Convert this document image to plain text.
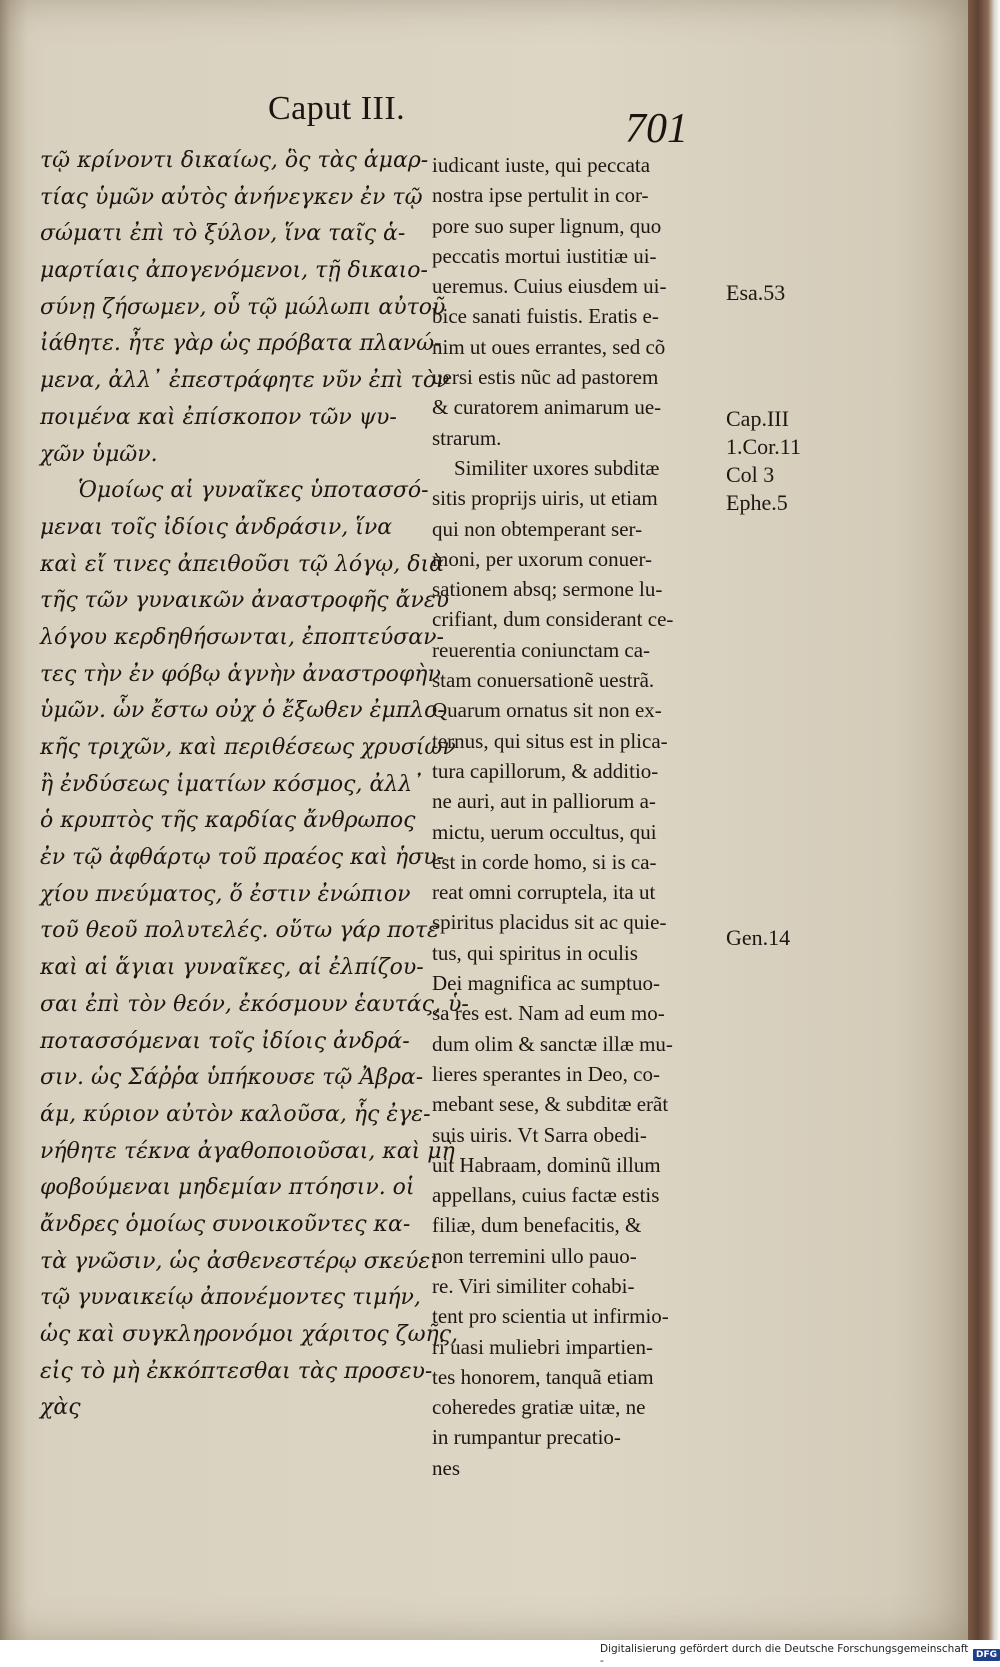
Caput III.	701
τῷ κρίνοντι δικαίως, ὃς τὰς ἁμαρ-
τίας ὑμῶν αὐτὸς ἀνήνεγκεν ἐν τῷ
σώματι ἐπὶ τὸ ξύλον, ἵνα ταῖς ἁ-
μαρτίαις ἀπογενόμενοι, τῇ δικαιο-
σύνῃ ζήσωμεν, οὗ τῷ μώλωπι αὐτοῦ
ἰάθητε. ἦτε γὰρ ὡς πρόβατα πλανώ-
μενα, ἀλλ᾽ ἐπεστράφητε νῦν ἐπὶ τὸν
ποιμένα καὶ ἐπίσκοπον τῶν ψυ-
χῶν ὑμῶν.
Ὁμοίως αἱ γυναῖκες ὑποτασσό-
μεναι τοῖς ἰδίοις ἀνδράσιν, ἵνα
καὶ εἴ τινες ἀπειθοῦσι τῷ λόγῳ, διὰ
τῆς τῶν γυναικῶν ἀναστροφῆς ἄνευ
λόγου κερδηθήσωνται, ἐποπτεύσαν-
τες τὴν ἐν φόβῳ ἁγνὴν ἀναστροφὴν
ὑμῶν. ὧν ἔστω οὐχ ὁ ἔξωθεν ἐμπλο-
κῆς τριχῶν, καὶ περιθέσεως χρυσίων
ἢ ἐνδύσεως ἱματίων κόσμος, ἀλλ᾽
ὁ κρυπτὸς τῆς καρδίας ἄνθρωπος
ἐν τῷ ἀφθάρτῳ τοῦ πραέος καὶ ἡσυ-
χίου πνεύματος, ὅ ἐστιν ἐνώπιον
τοῦ θεοῦ πολυτελές. οὕτω γάρ ποτε
καὶ αἱ ἅγιαι γυναῖκες, αἱ ἐλπίζου-
σαι ἐπὶ τὸν θεόν, ἐκόσμουν ἑαυτάς, ὑ-
ποτασσόμεναι τοῖς ἰδίοις ἀνδρά-
σιν. ὡς Σάῤῥα ὑπήκουσε τῷ Ἀβρα-
άμ, κύριον αὐτὸν καλοῦσα, ἧς ἐγε-
νήθητε τέκνα ἀγαθοποιοῦσαι, καὶ μὴ
φοβούμεναι μηδεμίαν πτόησιν. οἱ
ἄνδρες ὁμοίως συνοικοῦντες κα-
τὰ γνῶσιν, ὡς ἀσθενεστέρῳ σκεύει
τῷ γυναικείῳ ἀπονέμοντες τιμήν,
ὡς καὶ συγκληρονόμοι χάριτος ζωῆς,
εἰς τὸ μὴ ἐκκόπτεσθαι τὰς προσευ-
χὰς
iudicant iuste, qui peccata
nostra ipse pertulit in cor-
pore suo super lignum, quo
peccatis mortui iustitiæ ui-
ueremus. Cuius eiusdem ui-
bice sanati fuistis. Eratis e-
nim ut oues errantes, sed cõ
uersi estis nũc ad pastorem
& curatorem animarum ue-
strarum.
Similiter uxores subditæ
sitis proprijs uiris, ut etiam
qui non obtemperant ser-
moni, per uxorum conuer-
sationem absq; sermone lu-
crifiant, dum considerant ce-
reuerentia coniunctam ca-
stam conuersationẽ uestrã.
Quarum ornatus sit non ex-
ternus, qui situs est in plica-
tura capillorum, & additio-
ne auri, aut in palliorum a-
mictu, uerum occultus, qui
est in corde homo, si is ca-
reat omni corruptela, ita ut
spiritus placidus sit ac quie-
tus, qui spiritus in oculis
Dei magnifica ac sumptuo-
sa res est. Nam ad eum mo-
dum olim & sanctæ illæ mu-
lieres sperantes in Deo, co-
mebant sese, & subditæ erãt
suis uiris. Vt Sarra obedi-
uit Habraam, dominũ illum
appellans, cuius factæ estis
filiæ, dum benefacitis, &
non terremini ullo pauo-
re. Viri similiter cohabi-
tent pro scientia ut infirmio-
ri uasi muliebri impartien-
tes honorem, tanquã etiam
coheredes gratiæ uitæ, ne
in rumpantur precatio-
nes
Esa.53
Cap.III
1.Cor.11
Col 3
Ephe.5
Gen.14
Digitalisierung gefördert durch die Deutsche Forschungsgemeinschaft -	DFG
